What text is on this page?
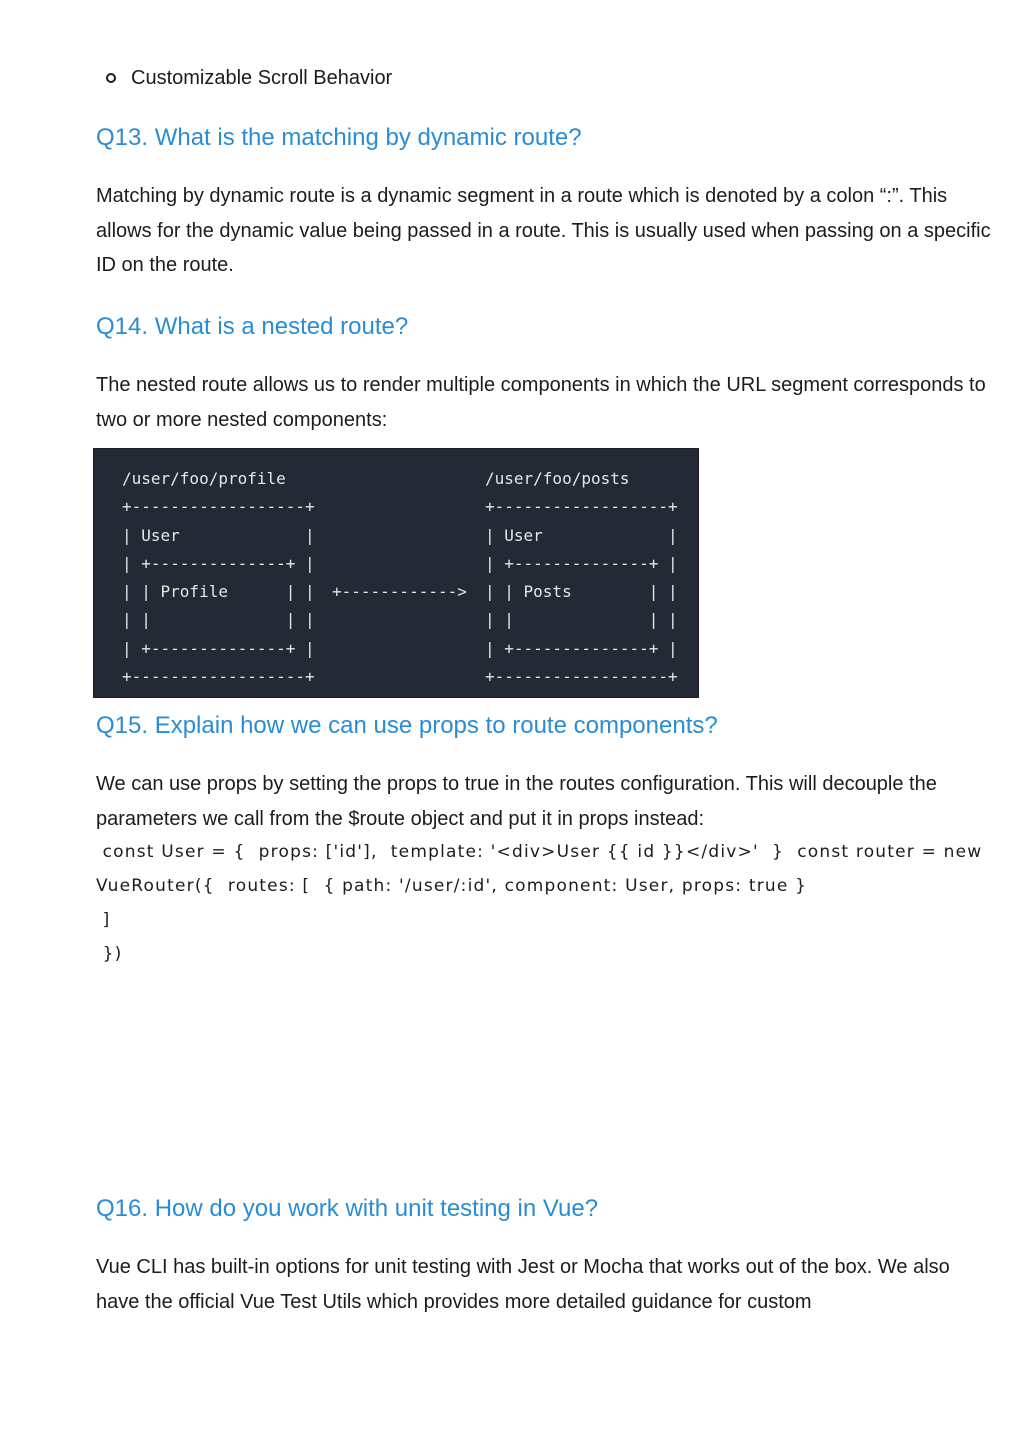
Customizable Scroll Behavior
Q13. What is the matching by dynamic route?

Matching by dynamic route is a dynamic segment in a route which is denoted by a colon “:”. This allows for the dynamic value being passed in a route. This is usually used when passing on a specific ID on the route.

Q14. What is a nested route?

The nested route allows us to render multiple components in which the URL segment corresponds to two or more nested components:

/user/foo/profile
+------------------+
| User             |
| +--------------+ |
| | Profile      | |
| |              | |
| +--------------+ |
+------------------+
+------------>
/user/foo/posts
+------------------+
| User             |
| +--------------+ |
| | Posts        | |
| |              | |
| +--------------+ |
+------------------+
Q15. Explain how we can use props to route components?

We can use props by setting the props to true in the routes configuration. This will decouple the parameters we call from the $route object and put it in props instead:

const User = {  props: ['id'],  template: '<div>User {{ id }}</div>'  }  const router = new VueRouter({  routes: [  { path: '/user/:id', component: User, props: true }
]
})

Q16. How do you work with unit testing in Vue?

Vue CLI has built-in options for unit testing with Jest or Mocha that works out of the box. We also have the official Vue Test Utils which provides more detailed guidance for custom
